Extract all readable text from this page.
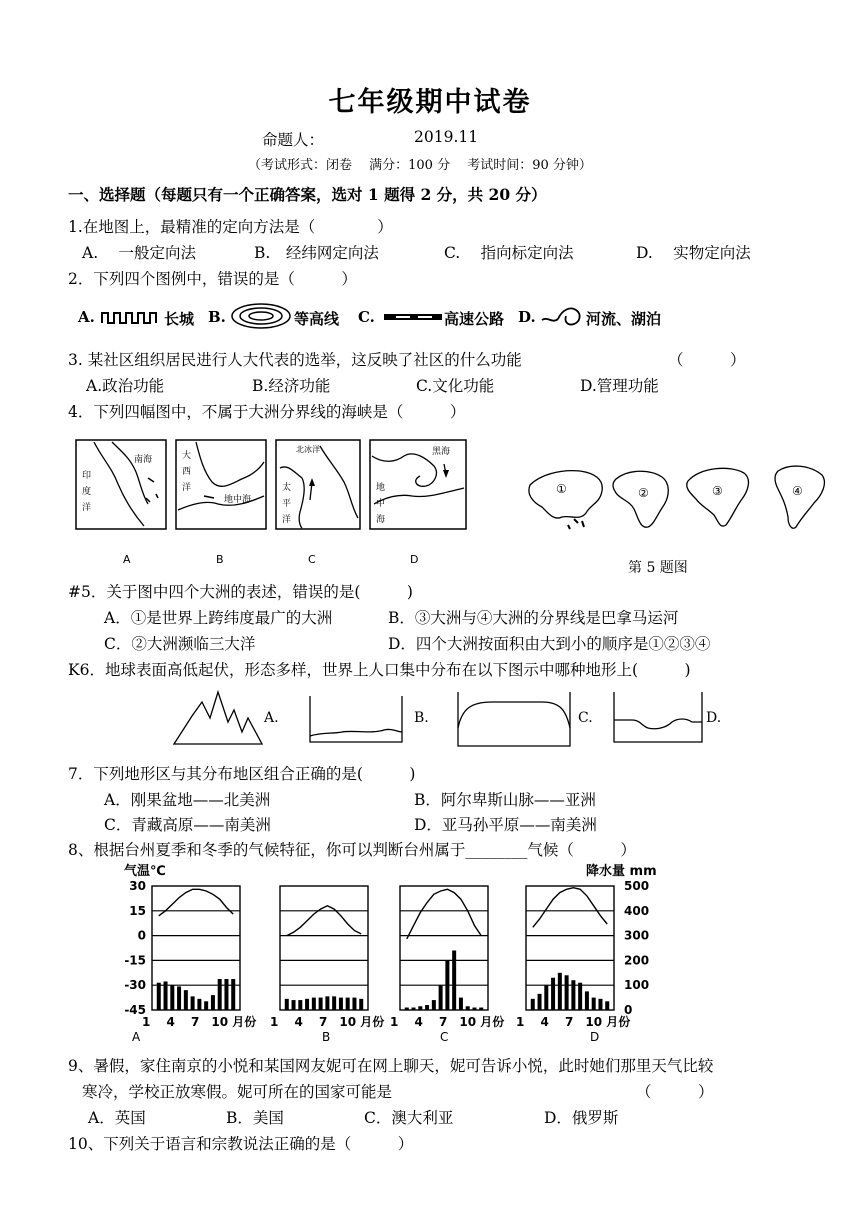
七年级期中试卷
命题人：	2019.11
（考试形式：闭卷　 满分：100 分　 考试时间：90 分钟）
一、选择题（每题只有一个正确答案，选对 1 题得 2 分，共 20 分）
1.在地图上，最精准的定向方法是（　　　　）
A.　 一般定向法	B.　经纬网定向法	C.　 指向标定向法	D.　 实物定向法
2．下列四个图例中，错误的是（　　　）
A.	长城 B.	等高线 C.	高速公路 D.	河流、湖泊
3. 某社区组织居民进行人大代表的选举，这反映了社区的什么功能	（　　　）
A.政治功能	B.经济功能	C.文化功能	D.管理功能
4．下列四幅图中，不属于大洲分界线的海峡是（　　　）
南海
印
度
洋
大
西
洋
地中海
北冰洋
太
平
洋
黑海
地
中
海
A	B	C	D
①	②	③	④
第 5 题图
#5．关于图中四个大洲的表述，错误的是(　　　)
A．①是世界上跨纬度最广的大洲	B．③大洲与④大洲的分界线是巴拿马运河
C．②大洲濒临三大洋	D．四个大洲按面积由大到小的顺序是①②③④
K6．地球表面高低起伏，形态多样，世界上人口集中分布在以下图示中哪种地形上(　　　)
A.	B.	C.	D.
7．下列地形区与其分布地区组合正确的是(　　　)
A．刚果盆地——北美洲	B．阿尔卑斯山脉——亚洲
C．青藏高原——南美洲	D．亚马孙平原——南美洲
8、根据台州夏季和冬季的气候特征，你可以判断台州属于________气候（　　　）
气温℃	降水量 mm
30
15
0
-15
-30
-45
500
400
300
200
100
0
1　 4　 7　10 月份 1　 4　 7　10 月份 1　 4　 7　10 月份 1　 4　 7　10 月份
A	B	C	D
9、暑假，家住南京的小悦和某国网友妮可在网上聊天，妮可告诉小悦，此时她们那里天气比较
寒冷，学校正放寒假。妮可所在的国家可能是	（　　　）
A．英国	B．美国	C．澳大利亚	D．俄罗斯
10、下列关于语言和宗教说法正确的是（　　　）
